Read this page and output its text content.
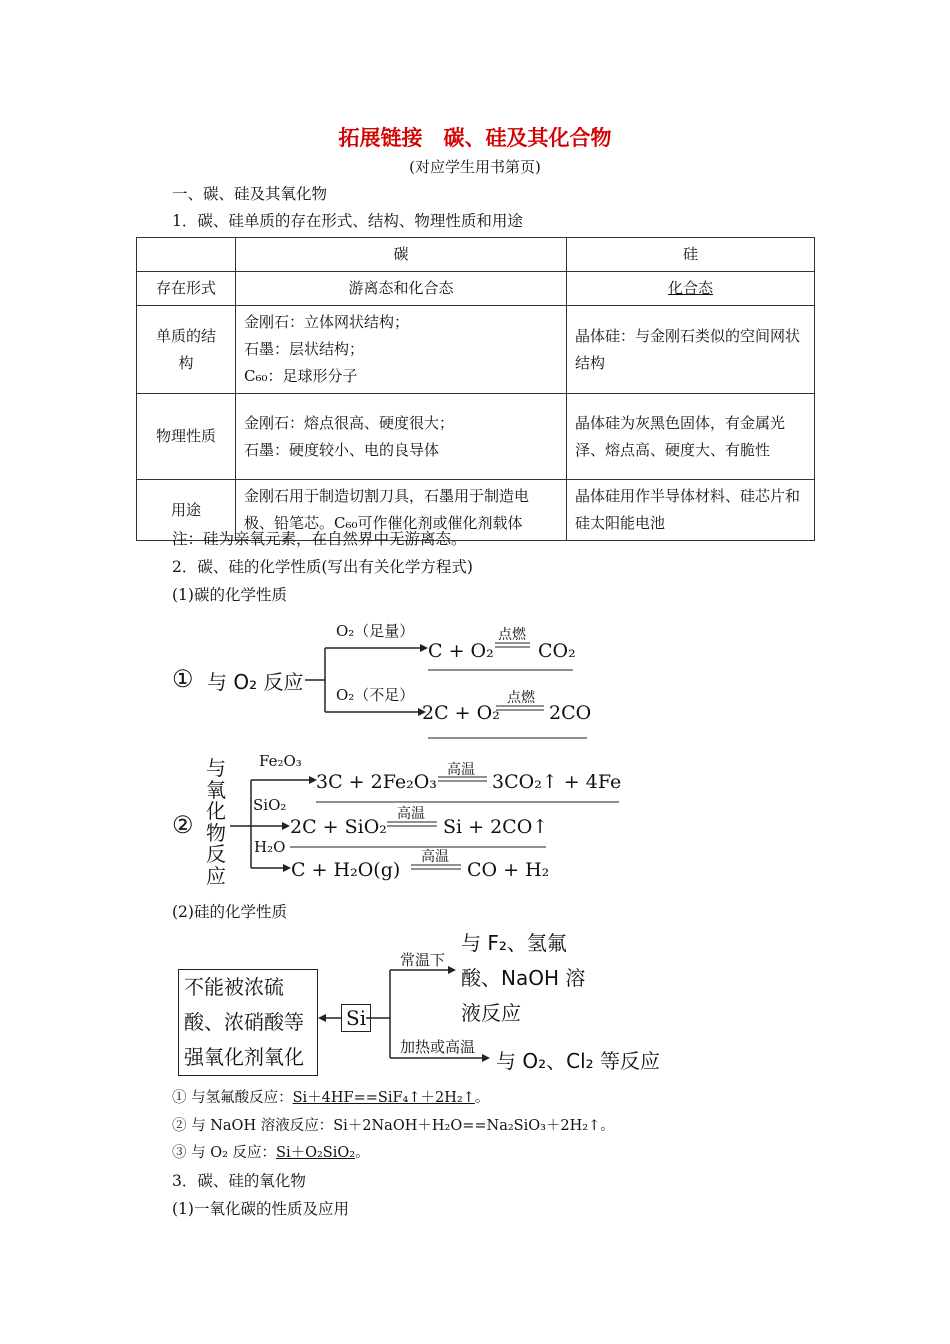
拓展链接　碳、硅及其化合物
(对应学生用书第页)
一、碳、硅及其氧化物
1．碳、硅单质的存在形式、结构、物理性质和用途
	碳	硅
存在形式	游离态和化合态	化合态
单质的结构	金刚石：立体网状结构；
石墨：层状结构；
C₆₀：足球形分子	晶体硅：与金刚石类似的空间网状结构
物理性质	金刚石：熔点很高、硬度很大；
石墨：硬度较小、电的良导体	晶体硅为灰黑色固体，有金属光泽、熔点高、硬度大、有脆性
用途	金刚石用于制造切割刀具，石墨用于制造电极、铅笔芯。C₆₀可作催化剂或催化剂载体	晶体硅用作半导体材料、硅芯片和硅太阳能电池
注：硅为亲氧元素，在自然界中无游离态。
2．碳、硅的化学性质(写出有关化学方程式)
(1)碳的化学性质
① 与 O₂ 反应
O₂（足量）
O₂（不足）
C + O₂
点燃
CO₂
2C + O₂
点燃
2CO
②
与
氧
化
物
反
应
Fe₂O₃
3C + 2Fe₂O₃
高温
3CO₂↑ + 4Fe
SiO₂
2C + SiO₂
高温
Si + 2CO↑
H₂O
C + H₂O(g)
高温
CO + H₂
(2)硅的化学性质
不能被浓硫
酸、浓硝酸等
强氧化剂氧化
Si
常温下
与 F₂、氢氟
酸、NaOH 溶
液反应
加热或高温
与 O₂、Cl₂ 等反应
① 与氢氟酸反应：Si＋4HF==SiF₄↑＋2H₂↑。
② 与 NaOH 溶液反应：Si＋2NaOH＋H₂O==Na₂SiO₃＋2H₂↑。
③ 与 O₂ 反应：Si＋O₂SiO₂。
3．碳、硅的氧化物
(1)一氧化碳的性质及应用
